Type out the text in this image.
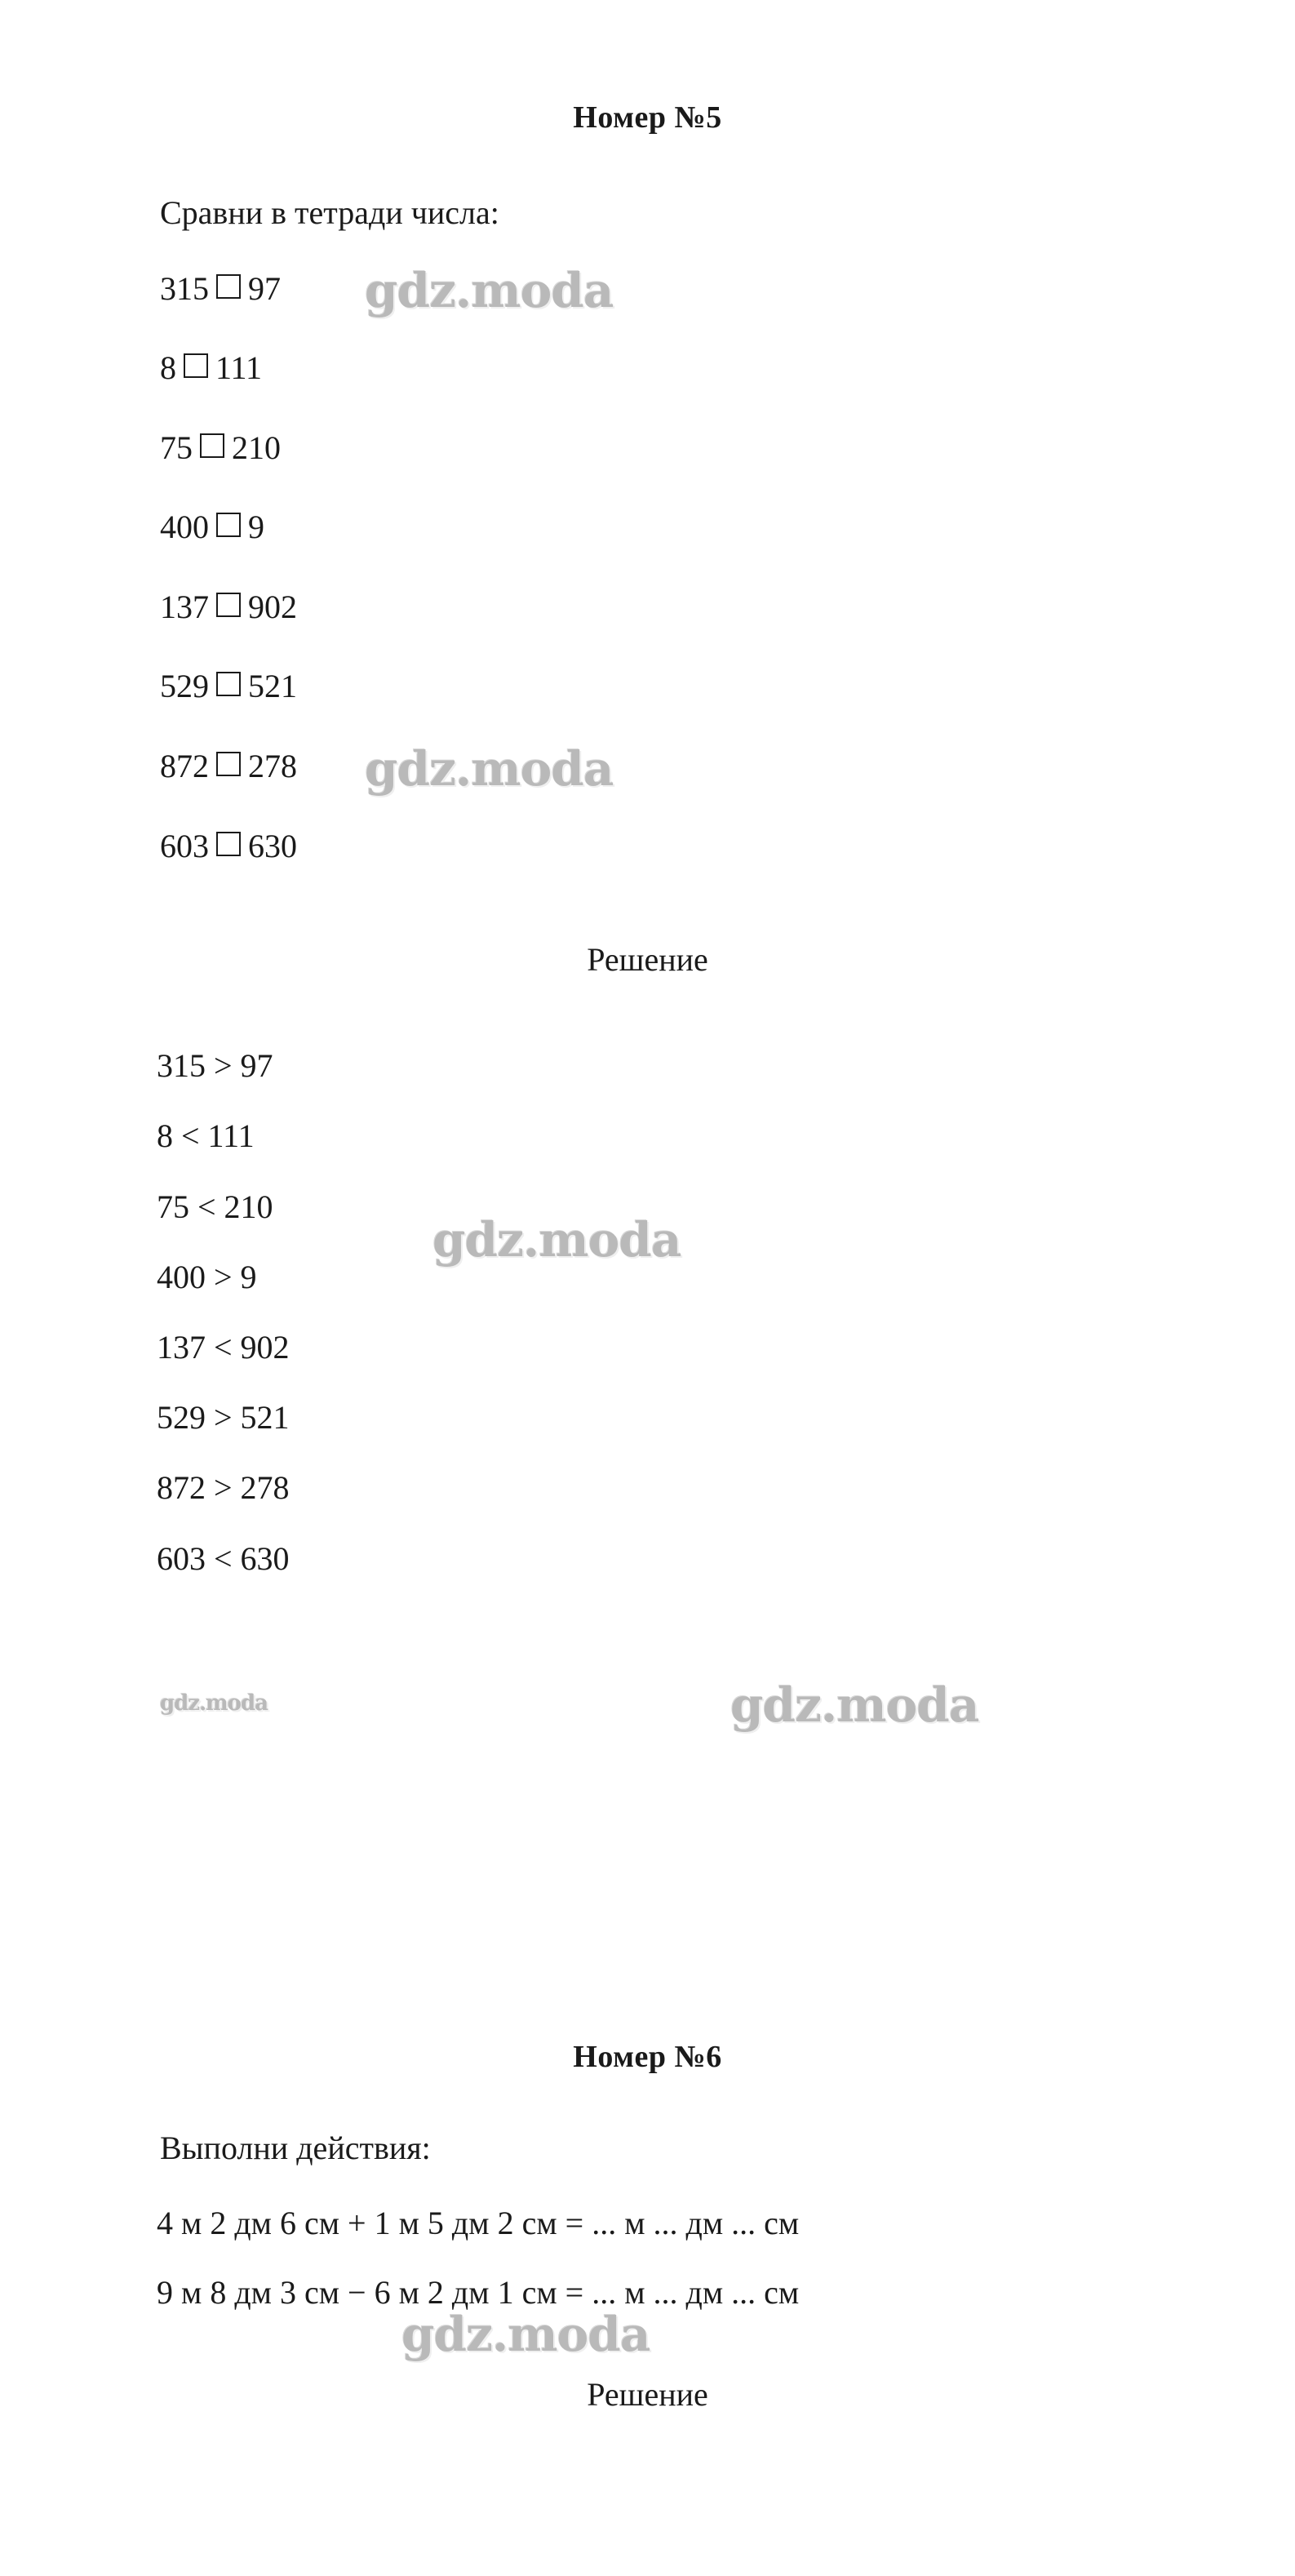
Номер №5
Сравни в тетради числа:
315 97
8 111
75 210
400 9
137 902
529 521
872 278
603 630
Решение
315 > 97
8 < 111
75 < 210
400 > 9
137 < 902
529 > 521
872 > 278
603 < 630
Номер №6
Выполни действия:
4 м 2 дм 6 см + 1 м 5 дм 2 см = ... м ... дм ... см
9 м 8 дм 3 см − 6 м 2 дм 1 см = ... м ... дм ... см
Решение
gdz.moda
gdz.moda
gdz.moda
gdz.moda	gdz.moda
gdz.moda
